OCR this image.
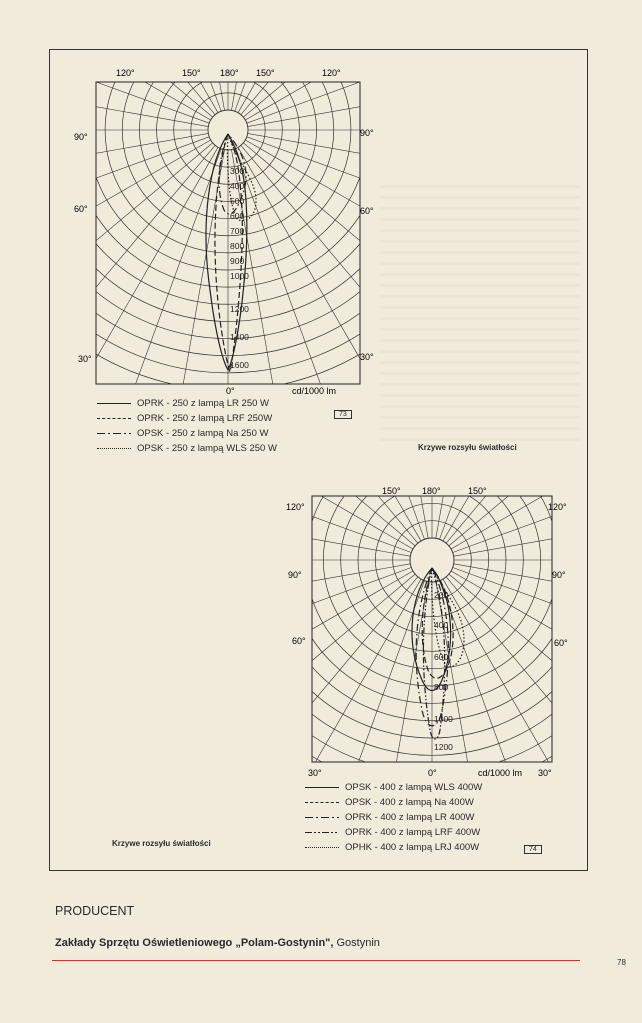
120°	150° 180° 150°	120°
90°	90°
60°	60°
30°	30°
0°	cd/1000 lm
300
400
500
600
700
800
900
1000
1200
1400
1600
OPRK - 250 z lampą LR 250 W
OPRK - 250 z lampą LRF 250W
OPSK - 250 z lampą Na 250 W
OPSK - 250 z lampą WLS 250 W
73
Krzywe rozsyłu światłości
150° 180°	150°
120°	120°
90°	90°
60°	60°
30°	30°
0°	cd/1000 lm
200
400
600
800
1000
1200
OPSK - 400 z lampą WLS 400W
OPSK - 400 z lampą Na 400W
OPRK - 400 z lampą LR 400W
OPRK - 400 z lampą LRF 400W
OPHK - 400 z lampą LRJ 400W	74
Krzywe rozsyłu światłości
PRODUCENT
Zakłady Sprzętu Oświetleniowego „Polam-Gostynin", Gostynin
78
